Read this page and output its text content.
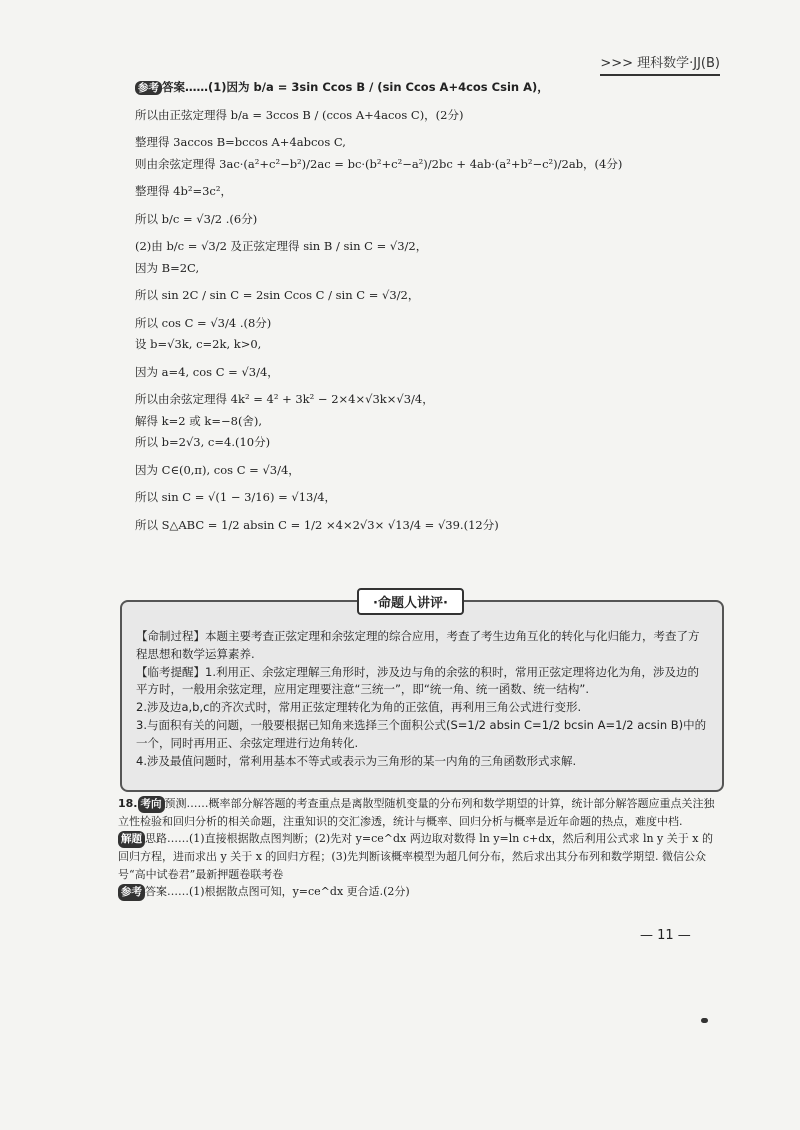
>>> 理科数学·JJ(B)

参考 答案……(1)因为 b/a = 3sin Ccos B / (sin Ccos A+4cos Csin A)，

所以由正弦定理得 b/a = 3ccos B / (ccos A+4acos C)，(2分)

整理得 3accos B=bccos A+4abcos C,

则由余弦定理得 3ac·(a²+c²−b²)/2ac = bc·(b²+c²−a²)/2bc + 4ab·(a²+b²−c²)/2ab，(4分)

整理得 4b²=3c²，

所以 b/c = √3/2 .(6分)

(2)由 b/c = √3/2 及正弦定理得 sin B / sin C = √3/2，

因为 B=2C,

所以 sin 2C / sin C = 2sin Ccos C / sin C = √3/2，

所以 cos C = √3/4 .(8分)

设 b=√3k, c=2k, k>0,

因为 a=4, cos C = √3/4，

所以由余弦定理得 4k² = 4² + 3k² − 2×4×√3k×√3/4，

解得 k=2 或 k=−8(舍),

所以 b=2√3, c=4.(10分)

因为 C∈(0,π), cos C = √3/4，

所以 sin C = √(1 − 3/16) = √13/4，

所以 S△ABC = 1/2 absin C = 1/2 ×4×2√3× √13/4 = √39.(12分)

·命题人讲评·

【命制过程】本题主要考查正弦定理和余弦定理的综合应用，考查了考生边角互化的转化与化归能力，考查了方程思想和数学运算素养.

【临考提醒】1.利用正、余弦定理解三角形时，涉及边与角的余弦的积时，常用正弦定理将边化为角，涉及边的平方时，一般用余弦定理，应用定理要注意“三统一”，即“统一角、统一函数、统一结构”.

2.涉及边a,b,c的齐次式时，常用正弦定理转化为角的正弦值，再利用三角公式进行变形.

3.与面积有关的问题，一般要根据已知角来选择三个面积公式(S=1/2 absin C=1/2 bcsin A=1/2 acsin B)中的一个，同时再用正、余弦定理进行边角转化.

4.涉及最值问题时，常利用基本不等式或表示为三角形的某一内角的三角函数形式求解.

18. 考向 预测……概率部分解答题的考查重点是离散型随机变量的分布列和数学期望的计算，统计部分解答题应重点关注独立性检验和回归分析的相关命题，注重知识的交汇渗透，统计与概率、回归分析与概率是近年命题的热点，难度中档.

解题 思路……(1)直接根据散点图判断；(2)先对 y=ce^dx 两边取对数得 ln y=ln c+dx，然后利用公式求 ln y 关于 x 的回归方程，进而求出 y 关于 x 的回归方程；(3)先判断该概率模型为超几何分布，然后求出其分布列和数学期望. 微信公众号“高中试卷君”最新押题卷联考卷

参考 答案……(1)根据散点图可知，y=ce^dx 更合适.(2分)

— 11 —
